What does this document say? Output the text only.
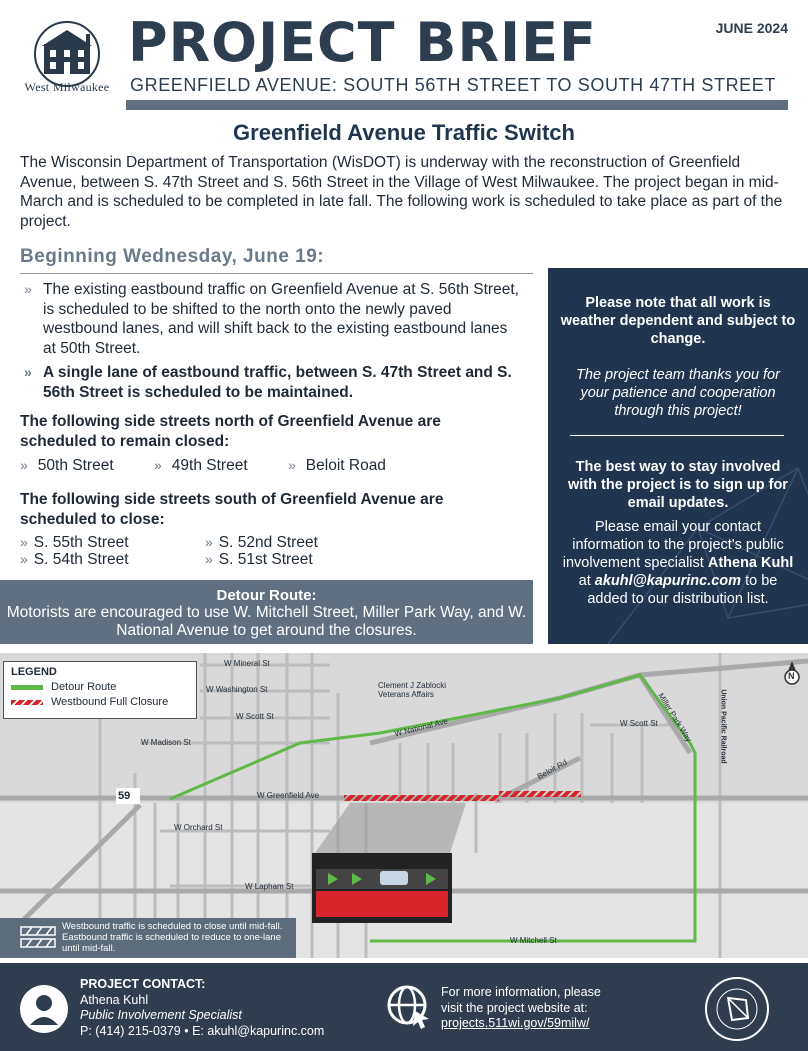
West Milwaukee
PROJECT BRIEF	JUNE 2024
GREENFIELD AVENUE: SOUTH 56TH STREET TO SOUTH 47TH STREET
Greenfield Avenue Traffic Switch

The Wisconsin Department of Transportation (WisDOT) is underway with the reconstruction of Greenfield Avenue, between S. 47th Street and S. 56th Street in the Village of West Milwaukee. The project began in mid-March and is scheduled to be completed in late fall. The following work is scheduled to take place as part of the project.

Beginning Wednesday, June 19:
» The existing eastbound traffic on Greenfield Avenue at S. 56th Street, is scheduled to be shifted to the north onto the newly paved westbound lanes, and will shift back to the existing eastbound lanes at 50th Street.
» A single lane of eastbound traffic, between S. 47th Street and S. 56th Street is scheduled to be maintained.
The following side streets north of Greenfield Avenue are scheduled to remain closed:
» 50th Street	» 49th Street	» Beloit Road
The following side streets south of Greenfield Avenue are scheduled to close:
» S. 55th Street
» S. 54th Street
» S. 52nd Street
» S. 51st Street
Detour Route:
Motorists are encouraged to use W. Mitchell Street, Miller Park Way, and W. National Avenue to get around the closures.
Please note that all work is weather dependent and subject to change.
The project team thanks you for your patience and cooperation through this project!
The best way to stay involved with the project is to sign up for email updates.
Please email your contact information to the project's public involvement specialist Athena Kuhl at akuhl@kapurinc.com to be added to our distribution list.
W Mineral St
W Washington St
W Scott St
W Madison St
W National Ave
W Greenfield Ave
W Orchard St
W Lapham St
W Mitchell St
Beloit Rd
Miller Park Way	Union Pacific Railroad
W Scott St
Clement J Zablocki Veterans Affairs
59
N
LEGEND
Detour Route
Westbound Full Closure
Westbound traffic is scheduled to close until mid-fall. Eastbound traffic is scheduled to reduce to one-lane until mid-fall.
PROJECT CONTACT:
Athena Kuhl
Public Involvement Specialist
P: (414) 215-0379 • E: akuhl@kapurinc.com
For more information, please
visit the project website at:
projects.511wi.gov/59milw/
